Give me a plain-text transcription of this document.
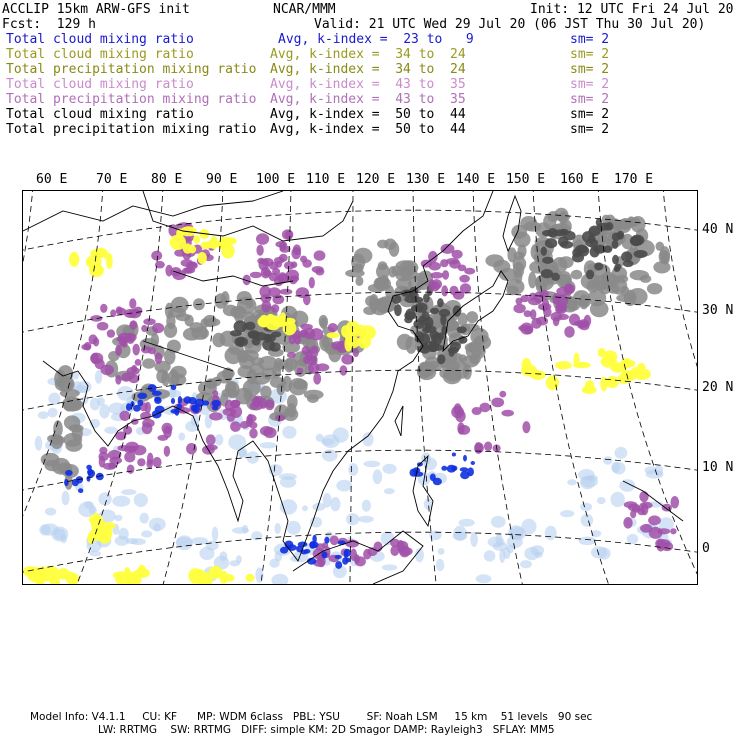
ACCLIP 15km ARW-GFS init	NCAR/MMM	Init: 12 UTC Fri 24 Jul 20
Fcst:  129 h	Valid: 21 UTC Wed 29 Jul 20 (06 JST Thu 30 Jul 20)
Total cloud mixing ratio	Avg, k-index =  23 to   9	sm= 2
Total cloud mixing ratio	Avg, k-index =  34 to  24	sm= 2
Total precipitation mixing ratio Avg, k-index =  34 to  24	sm= 2
Total cloud mixing ratio	Avg, k-index =  43 to  35	sm= 2
Total precipitation mixing ratio Avg, k-index =  43 to  35	sm= 2
Total cloud mixing ratio	Avg, k-index =  50 to  44	sm= 2
Total precipitation mixing ratio Avg, k-index =  50 to  44	sm= 2
60 E 70 E 80 E 90 E 100 E 110 E 120 E 130 E 140 E 150 E 160 E 170 E
40 N
30 N
20 N
10 N
0
Model Info: V4.1.1     CU: KF      MP: WDM 6class   PBL: YSU        SF: Noah LSM     15 km    51 levels   90 sec
LW: RRTMG    SW: RRTMG   DIFF: simple KM: 2D Smagor DAMP: Rayleigh3   SFLAY: MM5
